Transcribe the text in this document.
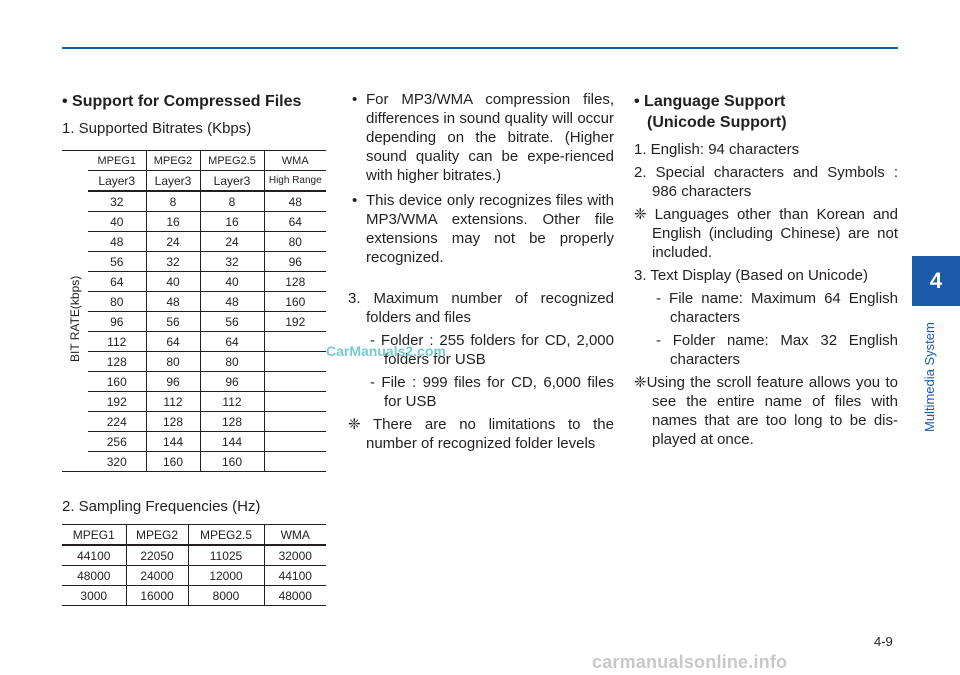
4
Multimedia System
• Support for Compressed Files
1. Supported Bitrates (Kbps)
BIT RATE(kbps)
MPEG1	MPEG2	MPEG2.5	WMA
Layer3	Layer3	Layer3	High Range
32	8	8	48
40	16	16	64
48	24	24	80
56	32	32	96
64	40	40	128
80	48	48	160
96	56	56	192
112	64	64	
128	80	80	
160	96	96	
192	112	112	
224	128	128	
256	144	144	
320	160	160	
2. Sampling Frequencies (Hz)
MPEG1	MPEG2	MPEG2.5	WMA
44100	22050	11025	32000
48000	24000	12000	44100
3000	16000	8000	48000
• For MP3/WMA compression files, differences in sound quality will occur depending on the bitrate. (Higher sound quality can be expe-rienced with higher bitrates.)
• This device only recognizes files with MP3/WMA extensions. Other file extensions may not be properly recognized.
3. Maximum number of recognized folders and files
- Folder : 255 folders for CD, 2,000 folders for USB
- File : 999 files for CD, 6,000 files for USB
❈ There are no limitations to the number of recognized folder levels
• Language Support
(Unicode Support)
1. English: 94 characters
2. Special characters and Symbols : 986 characters
❈ Languages other than Korean and English (including Chinese) are not included.
3. Text Display (Based on Unicode)
- File name: Maximum 64 English characters
- Folder name: Max 32 English characters
❈Using the scroll feature allows you to see the entire name of files with names that are too long to be dis-played at once.
CarManuals2.com
4-9
carmanualsonline.info
